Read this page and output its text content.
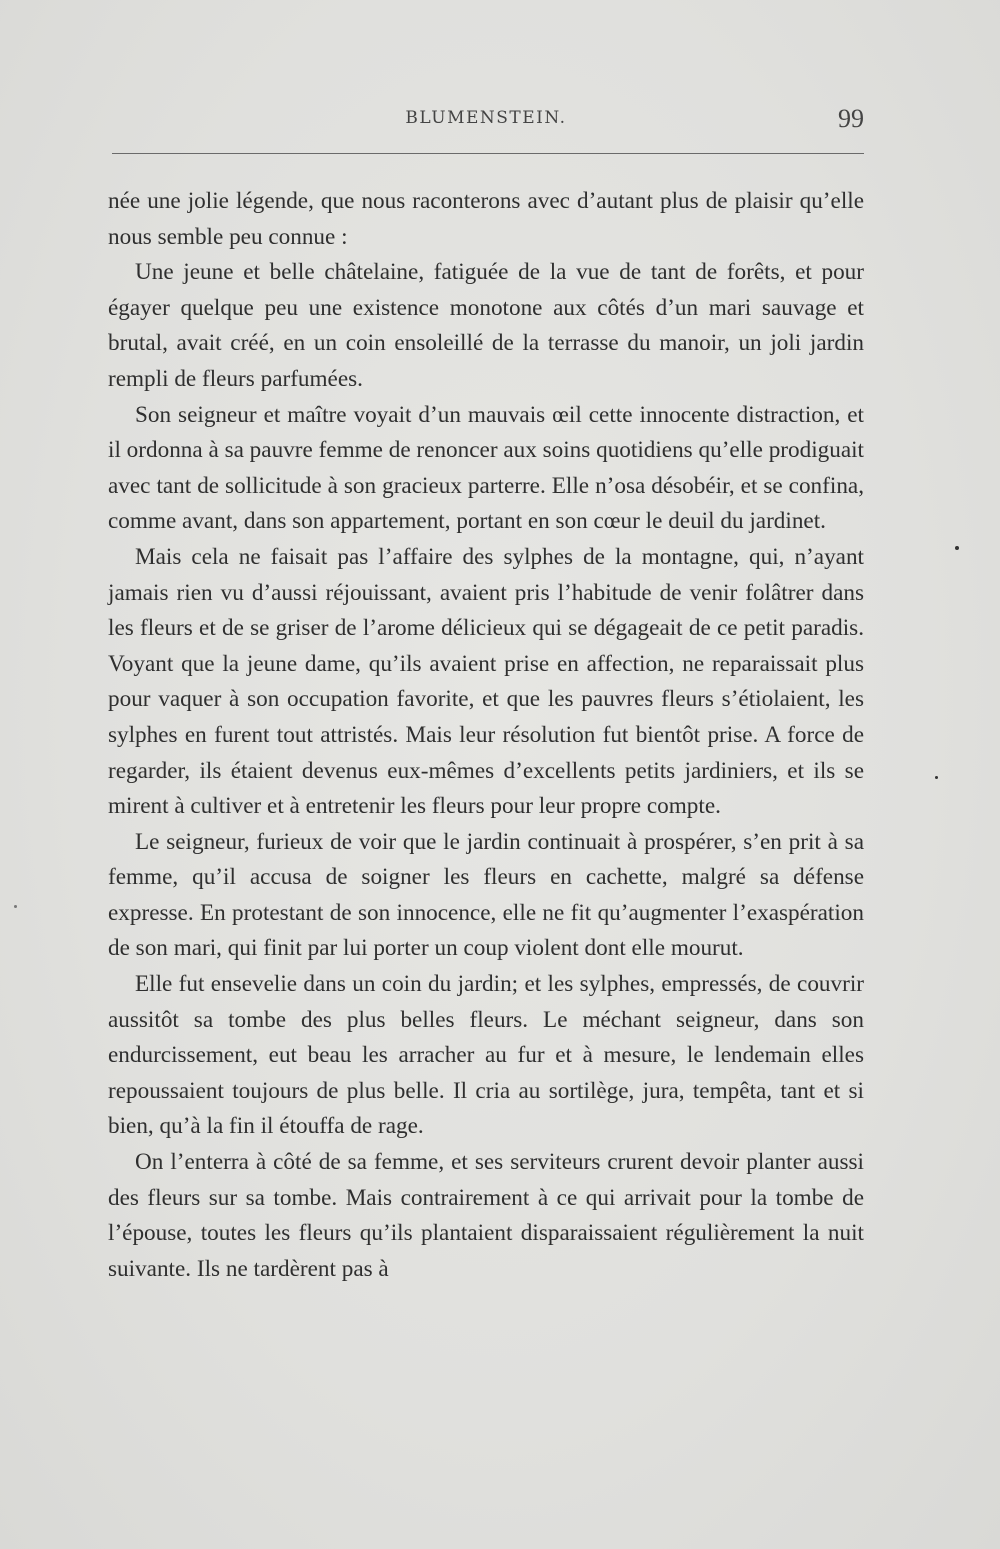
BLUMENSTEIN.	99

née une jolie légende, que nous raconterons avec d’autant plus de plaisir qu’elle nous semble peu connue :

Une jeune et belle châtelaine, fatiguée de la vue de tant de forêts, et pour égayer quelque peu une existence monotone aux côtés d’un mari sauvage et brutal, avait créé, en un coin ensoleillé de la terrasse du manoir, un joli jardin rempli de fleurs parfumées.

Son seigneur et maître voyait d’un mauvais œil cette innocente distraction, et il ordonna à sa pauvre femme de renoncer aux soins quotidiens qu’elle prodiguait avec tant de sollicitude à son gracieux parterre. Elle n’osa désobéir, et se confina, comme avant, dans son appartement, portant en son cœur le deuil du jardinet.

Mais cela ne faisait pas l’affaire des sylphes de la montagne, qui, n’ayant jamais rien vu d’aussi réjouissant, avaient pris l’habitude de venir folâtrer dans les fleurs et de se griser de l’arome délicieux qui se dégageait de ce petit paradis. Voyant que la jeune dame, qu’ils avaient prise en affection, ne reparaissait plus pour vaquer à son occupation favorite, et que les pauvres fleurs s’étiolaient, les sylphes en furent tout attristés. Mais leur résolution fut bientôt prise. A force de regarder, ils étaient devenus eux-mêmes d’excellents petits jardiniers, et ils se mirent à cultiver et à entretenir les fleurs pour leur propre compte.

Le seigneur, furieux de voir que le jardin continuait à prospérer, s’en prit à sa femme, qu’il accusa de soigner les fleurs en cachette, malgré sa défense expresse. En protestant de son innocence, elle ne fit qu’augmenter l’exaspération de son mari, qui finit par lui porter un coup violent dont elle mourut.

Elle fut ensevelie dans un coin du jardin; et les sylphes, empressés, de couvrir aussitôt sa tombe des plus belles fleurs. Le méchant seigneur, dans son endurcissement, eut beau les arracher au fur et à mesure, le lendemain elles repoussaient toujours de plus belle. Il cria au sortilège, jura, tempêta, tant et si bien, qu’à la fin il étouffa de rage.

On l’enterra à côté de sa femme, et ses serviteurs crurent devoir planter aussi des fleurs sur sa tombe. Mais contrairement à ce qui arrivait pour la tombe de l’épouse, toutes les fleurs qu’ils plantaient disparaissaient régulièrement la nuit suivante. Ils ne tardèrent pas à
